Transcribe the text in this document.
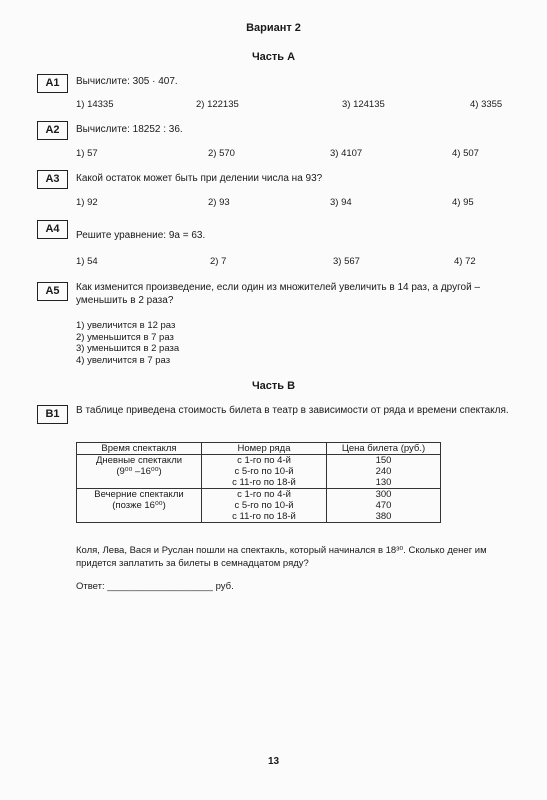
Вариант 2
Часть А
A1	Вычислите: 305 · 407.
1) 14335	2) 122135	3) 124135	4) 3355
A2	Вычислите: 18252 : 36.
1) 57	2) 570	3) 4107	4) 507
A3	Какой остаток может быть при делении числа на 93?
1) 92	2) 93	3) 94	4) 95
A4
Решите уравнение: 9a = 63.
1) 54	2) 7	3) 567	4) 72
A5	Как изменится произведение, если один из множителей увеличить в 14 раз, а другой – уменьшить в 2 раза?
1) увеличится в 12 раз
2) уменьшится в 7 раз
3) уменьшится в 2 раза
4) увеличится в 7 раз
Часть В
B1	В таблице приведена стоимость билета в театр в зависимости от ряда и времени спектакля.
Время спектакля	Номер ряда	Цена билета (руб.)

Дневные спектакли
(9⁰⁰ –16⁰⁰)	с 1-го по 4-й	150
	с 5-го по 10-й	240
	с 11-го по 18-й	130

Вечерние спектакли
(позже 16⁰⁰)	с 1-го по 4-й	300
	с 5-го по 10-й	470
	с 11-го по 18-й	380
Коля, Лева, Вася и Руслан пошли на спектакль, который начинался в 18³⁰. Сколько денег им придется заплатить за билеты в семнадцатом ряду?
Ответ: ____________________ руб.
13
